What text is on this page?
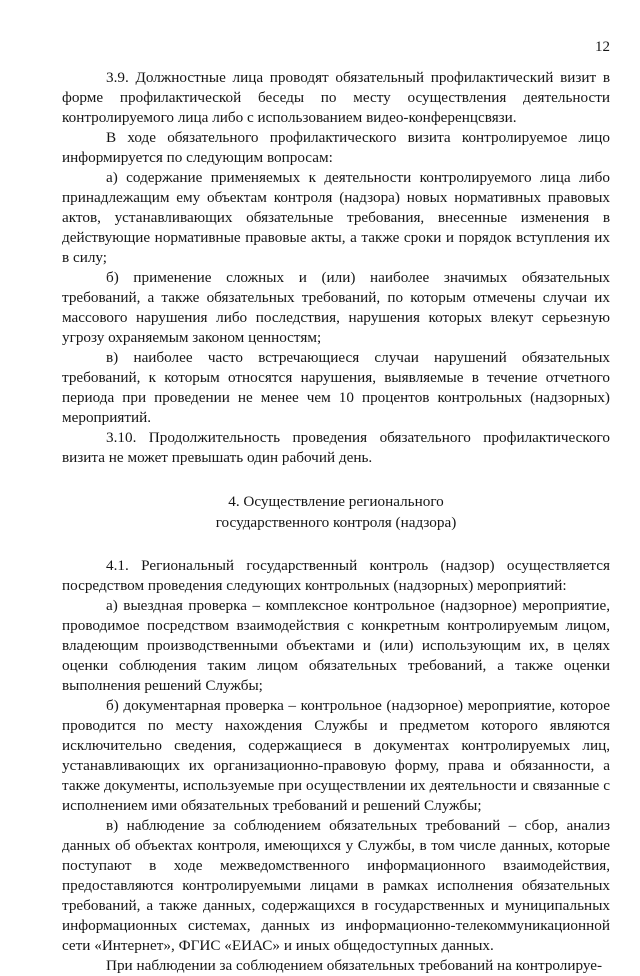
12

3.9. Должностные лица проводят обязательный профилактический визит в форме профилактической беседы по месту осуществления деятельности контролируемого лица либо с использованием видео-конференцсвязи.

В ходе обязательного профилактического визита контролируемое лицо информируется по следующим вопросам:

а) содержание применяемых к деятельности контролируемого лица либо принадлежащим ему объектам контроля (надзора) новых нормативных правовых актов, устанавливающих обязательные требования, внесенные изменения в действующие нормативные правовые акты, а также сроки и порядок вступления их в силу;

б) применение сложных и (или) наиболее значимых обязательных требований, а также обязательных требований, по которым отмечены случаи их массового нарушения либо последствия, нарушения которых влекут серьезную угрозу охраняемым законом ценностям;

в) наиболее часто встречающиеся случаи нарушений обязательных требований, к которым относятся нарушения, выявляемые в течение отчетного периода при проведении не менее чем 10 процентов контрольных (надзорных) мероприятий.

3.10. Продолжительность проведения обязательного профилактического визита не может превышать один рабочий день.

4. Осуществление регионального
государственного контроля (надзора)

4.1. Региональный государственный контроль (надзор) осуществляется посредством проведения следующих контрольных (надзорных) мероприятий:

а) выездная проверка – комплексное контрольное (надзорное) мероприятие, проводимое посредством взаимодействия с конкретным контролируемым лицом, владеющим производственными объектами и (или) использующим их, в целях оценки соблюдения таким лицом обязательных требований, а также оценки выполнения решений Службы;

б) документарная проверка – контрольное (надзорное) мероприятие, которое проводится по месту нахождения Службы и предметом которого являются исключительно сведения, содержащиеся в документах контролируемых лиц, устанавливающих их организационно-правовую форму, права и обязанности, а также документы, используемые при осуществлении их деятельности и связанные с исполнением ими обязательных требований и решений Службы;

в) наблюдение за соблюдением обязательных требований – сбор, анализ данных об объектах контроля, имеющихся у Службы, в том числе данных, которые поступают в ходе межведомственного информационного взаимодействия, предоставляются контролируемыми лицами в рамках исполнения обязательных требований, а также данных, содержащихся в государственных и муниципальных информационных системах, данных из информационно-телекоммуникационной сети «Интернет», ФГИС «ЕИАС» и иных общедоступных данных.

При наблюдении за соблюдением обязательных требований на контролируе-
